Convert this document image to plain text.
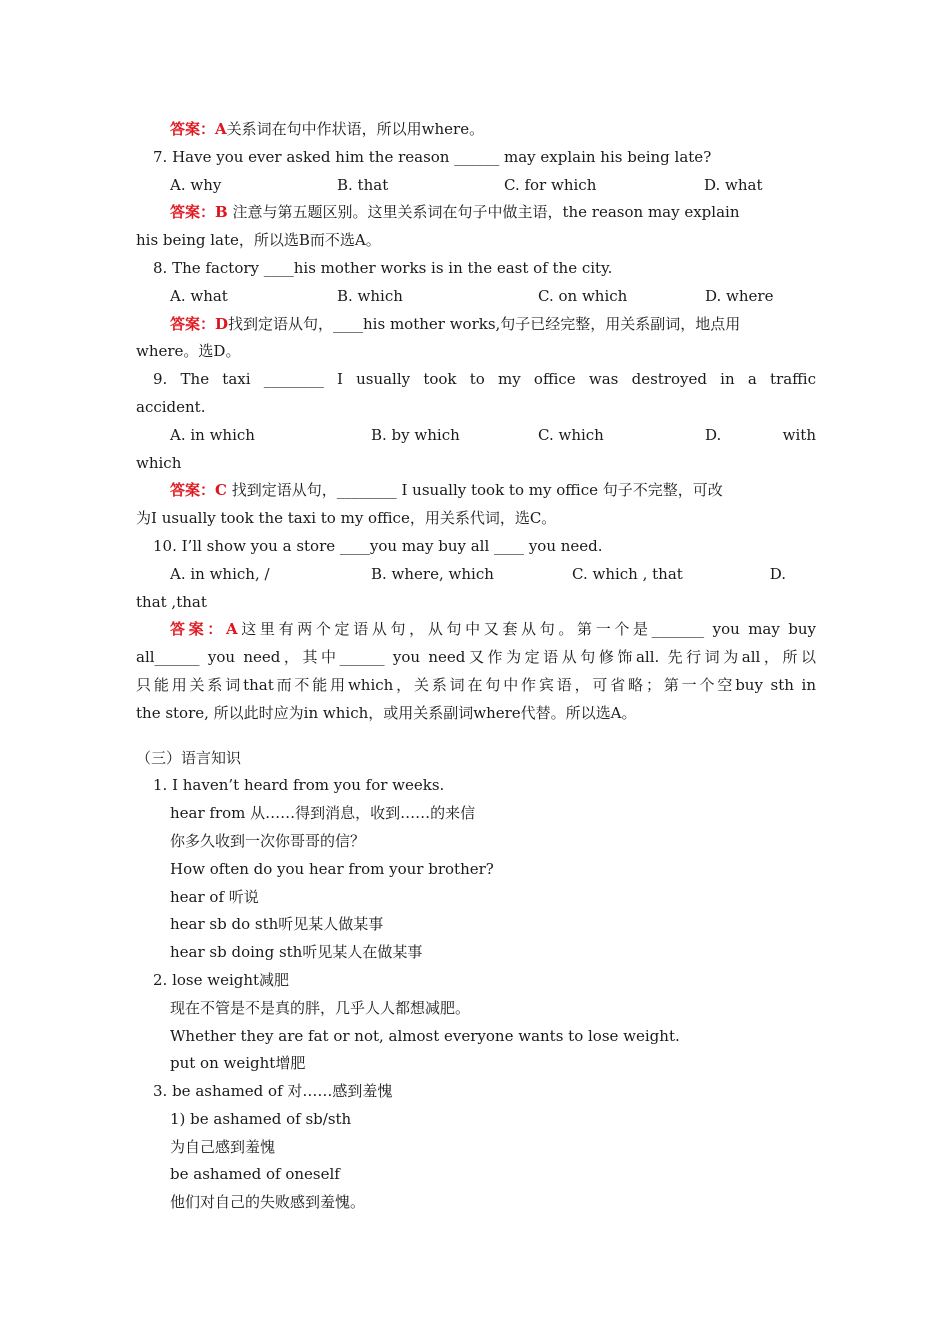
答案：A关系词在句中作状语，所以用where。
7. Have you ever asked him the reason ______ may explain his being late?
A. why	B. that	C. for which	D. what
答案：B 注意与第五题区别。这里关系词在句子中做主语，the reason may explain
his being late，所以选B而不选A。
8. The factory ____his mother works is in the east of the city.
A. what	B. which	C. on which	D. where
答案：D找到定语从句，____his mother works,句子已经完整，用关系副词，地点用
where。选D。
9. The taxi ________ I usually took to my office was destroyed in a traffic
accident.
A. in which	B. by which	C. which	D.	with
which
答案：C 找到定语从句，________ I usually took to my office 句子不完整，可改
为I usually took the taxi to my office，用关系代词，选C。
10. I’ll show you a store ____you may buy all ____ you need.
A. in which, /	B. where, which	C. which , that	D.
that ,that
答案：A这里有两个定语从句，从句中又套从句。第一个是_______ you may buy
all______ you need，其中______ you need又作为定语从句修饰all. 先行词为all，所以
只能用关系词that而不能用which，关系词在句中作宾语，可省略；第一个空buy sth in
the store, 所以此时应为in which，或用关系副词where代替。所以选A。
（三）语言知识
1. I haven’t heard from you for weeks.
hear from 从……得到消息，收到……的来信
你多久收到一次你哥哥的信？
How often do you hear from your brother?
hear of 听说
hear sb do sth听见某人做某事
hear sb doing sth听见某人在做某事
2. lose weight减肥
现在不管是不是真的胖，几乎人人都想减肥。
Whether they are fat or not, almost everyone wants to lose weight.
put on weight增肥
3. be ashamed of 对……感到羞愧
1) be ashamed of sb/sth
为自己感到羞愧
be ashamed of oneself
他们对自己的失败感到羞愧。
